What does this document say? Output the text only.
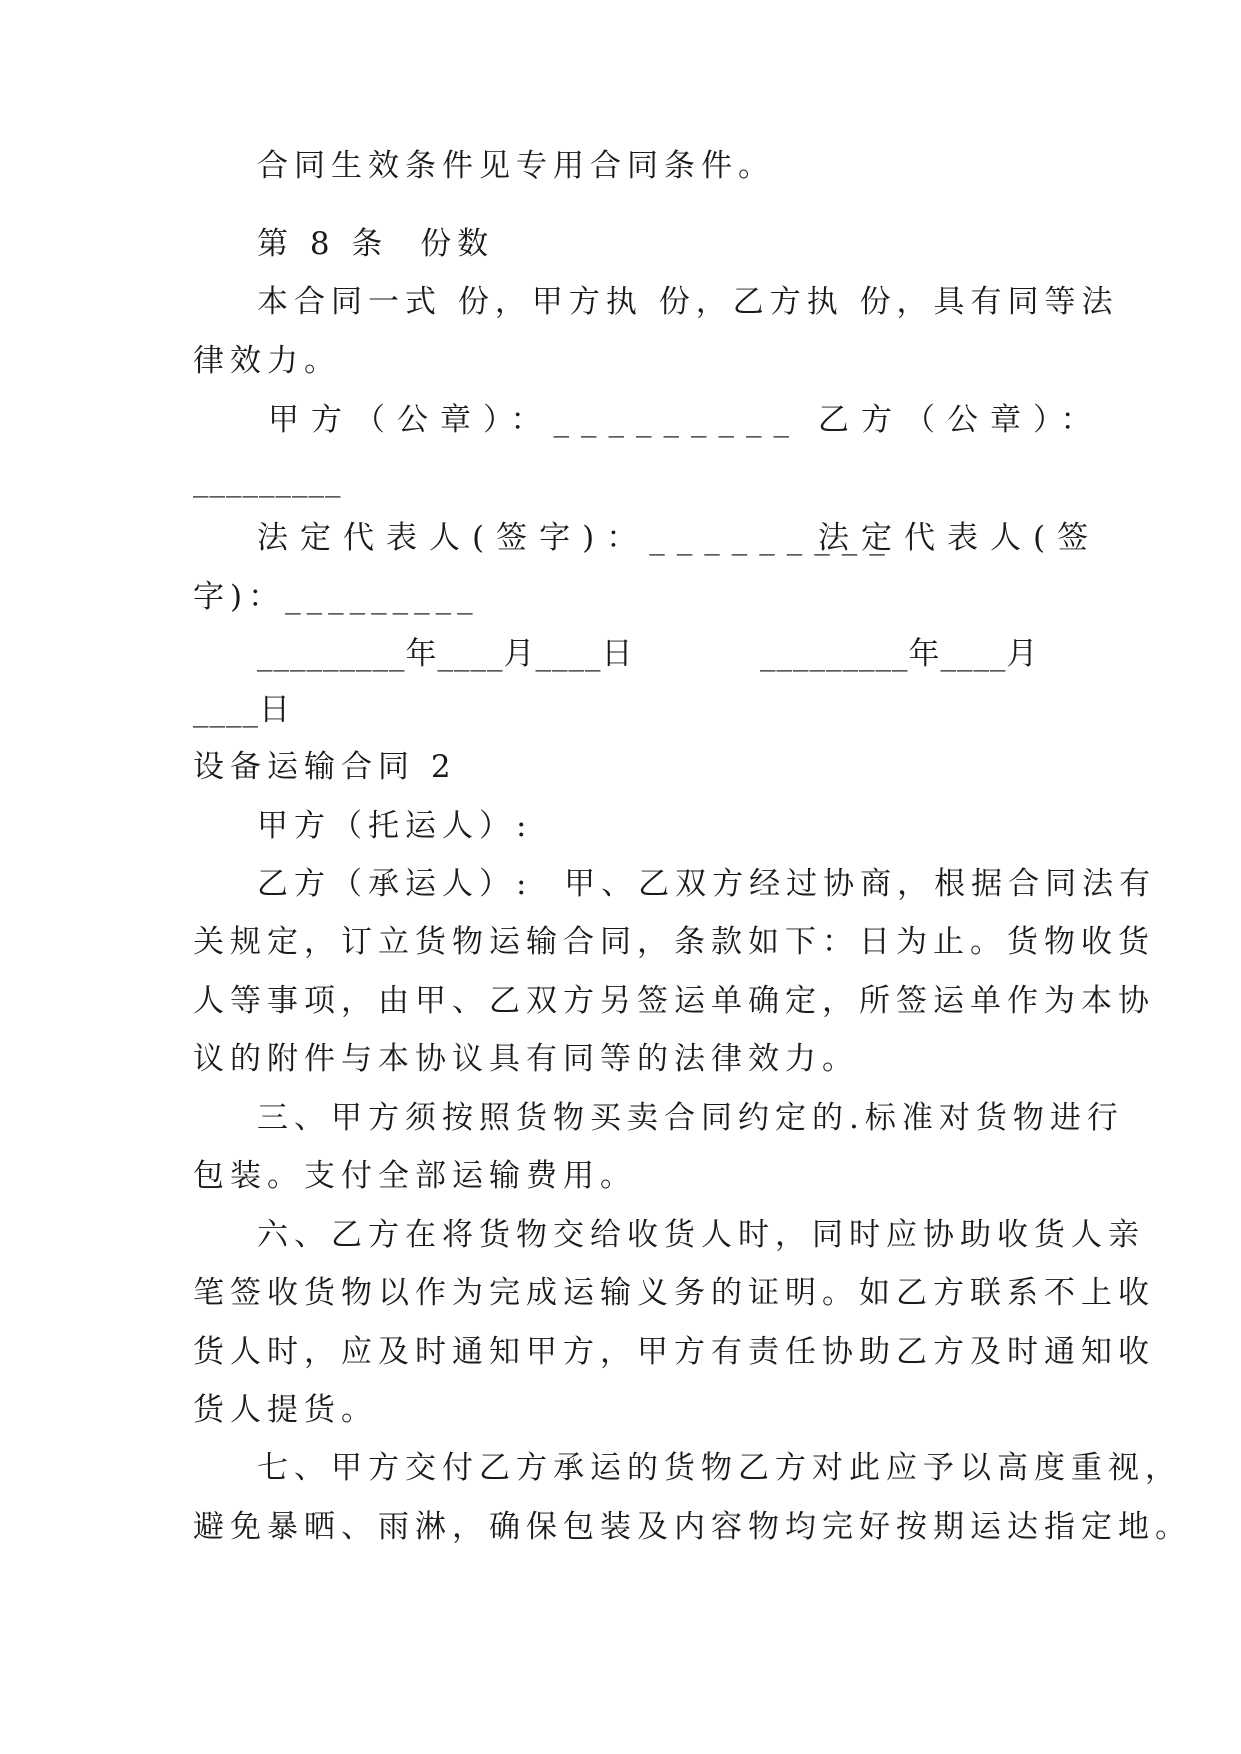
合同生效条件见专用合同条件。
第 8 条  份数
本合同一式 份，甲方执 份，乙方执 份，具有同等法
律效力。
甲方（公章）：_________ 乙方（公章）：
_________
法定代表人(签字)：_________
法定代表人(签
字)：_________
_________年____月____日	_________年____月
____日
设备运输合同 2
甲方（托运人）:
乙方（承运人）:  甲、乙双方经过协商，根据合同法有
关规定，订立货物运输合同，条款如下：日为止。货物收货
人等事项，由甲、乙双方另签运单确定，所签运单作为本协
议的附件与本协议具有同等的法律效力。
三、甲方须按照货物买卖合同约定的.标准对货物进行
包装。支付全部运输费用。
六、乙方在将货物交给收货人时，同时应协助收货人亲
笔签收货物以作为完成运输义务的证明。如乙方联系不上收
货人时，应及时通知甲方，甲方有责任协助乙方及时通知收
货人提货。
七、甲方交付乙方承运的货物乙方对此应予以高度重视，
避免暴晒、雨淋，确保包装及内容物均完好按期运达指定地。
